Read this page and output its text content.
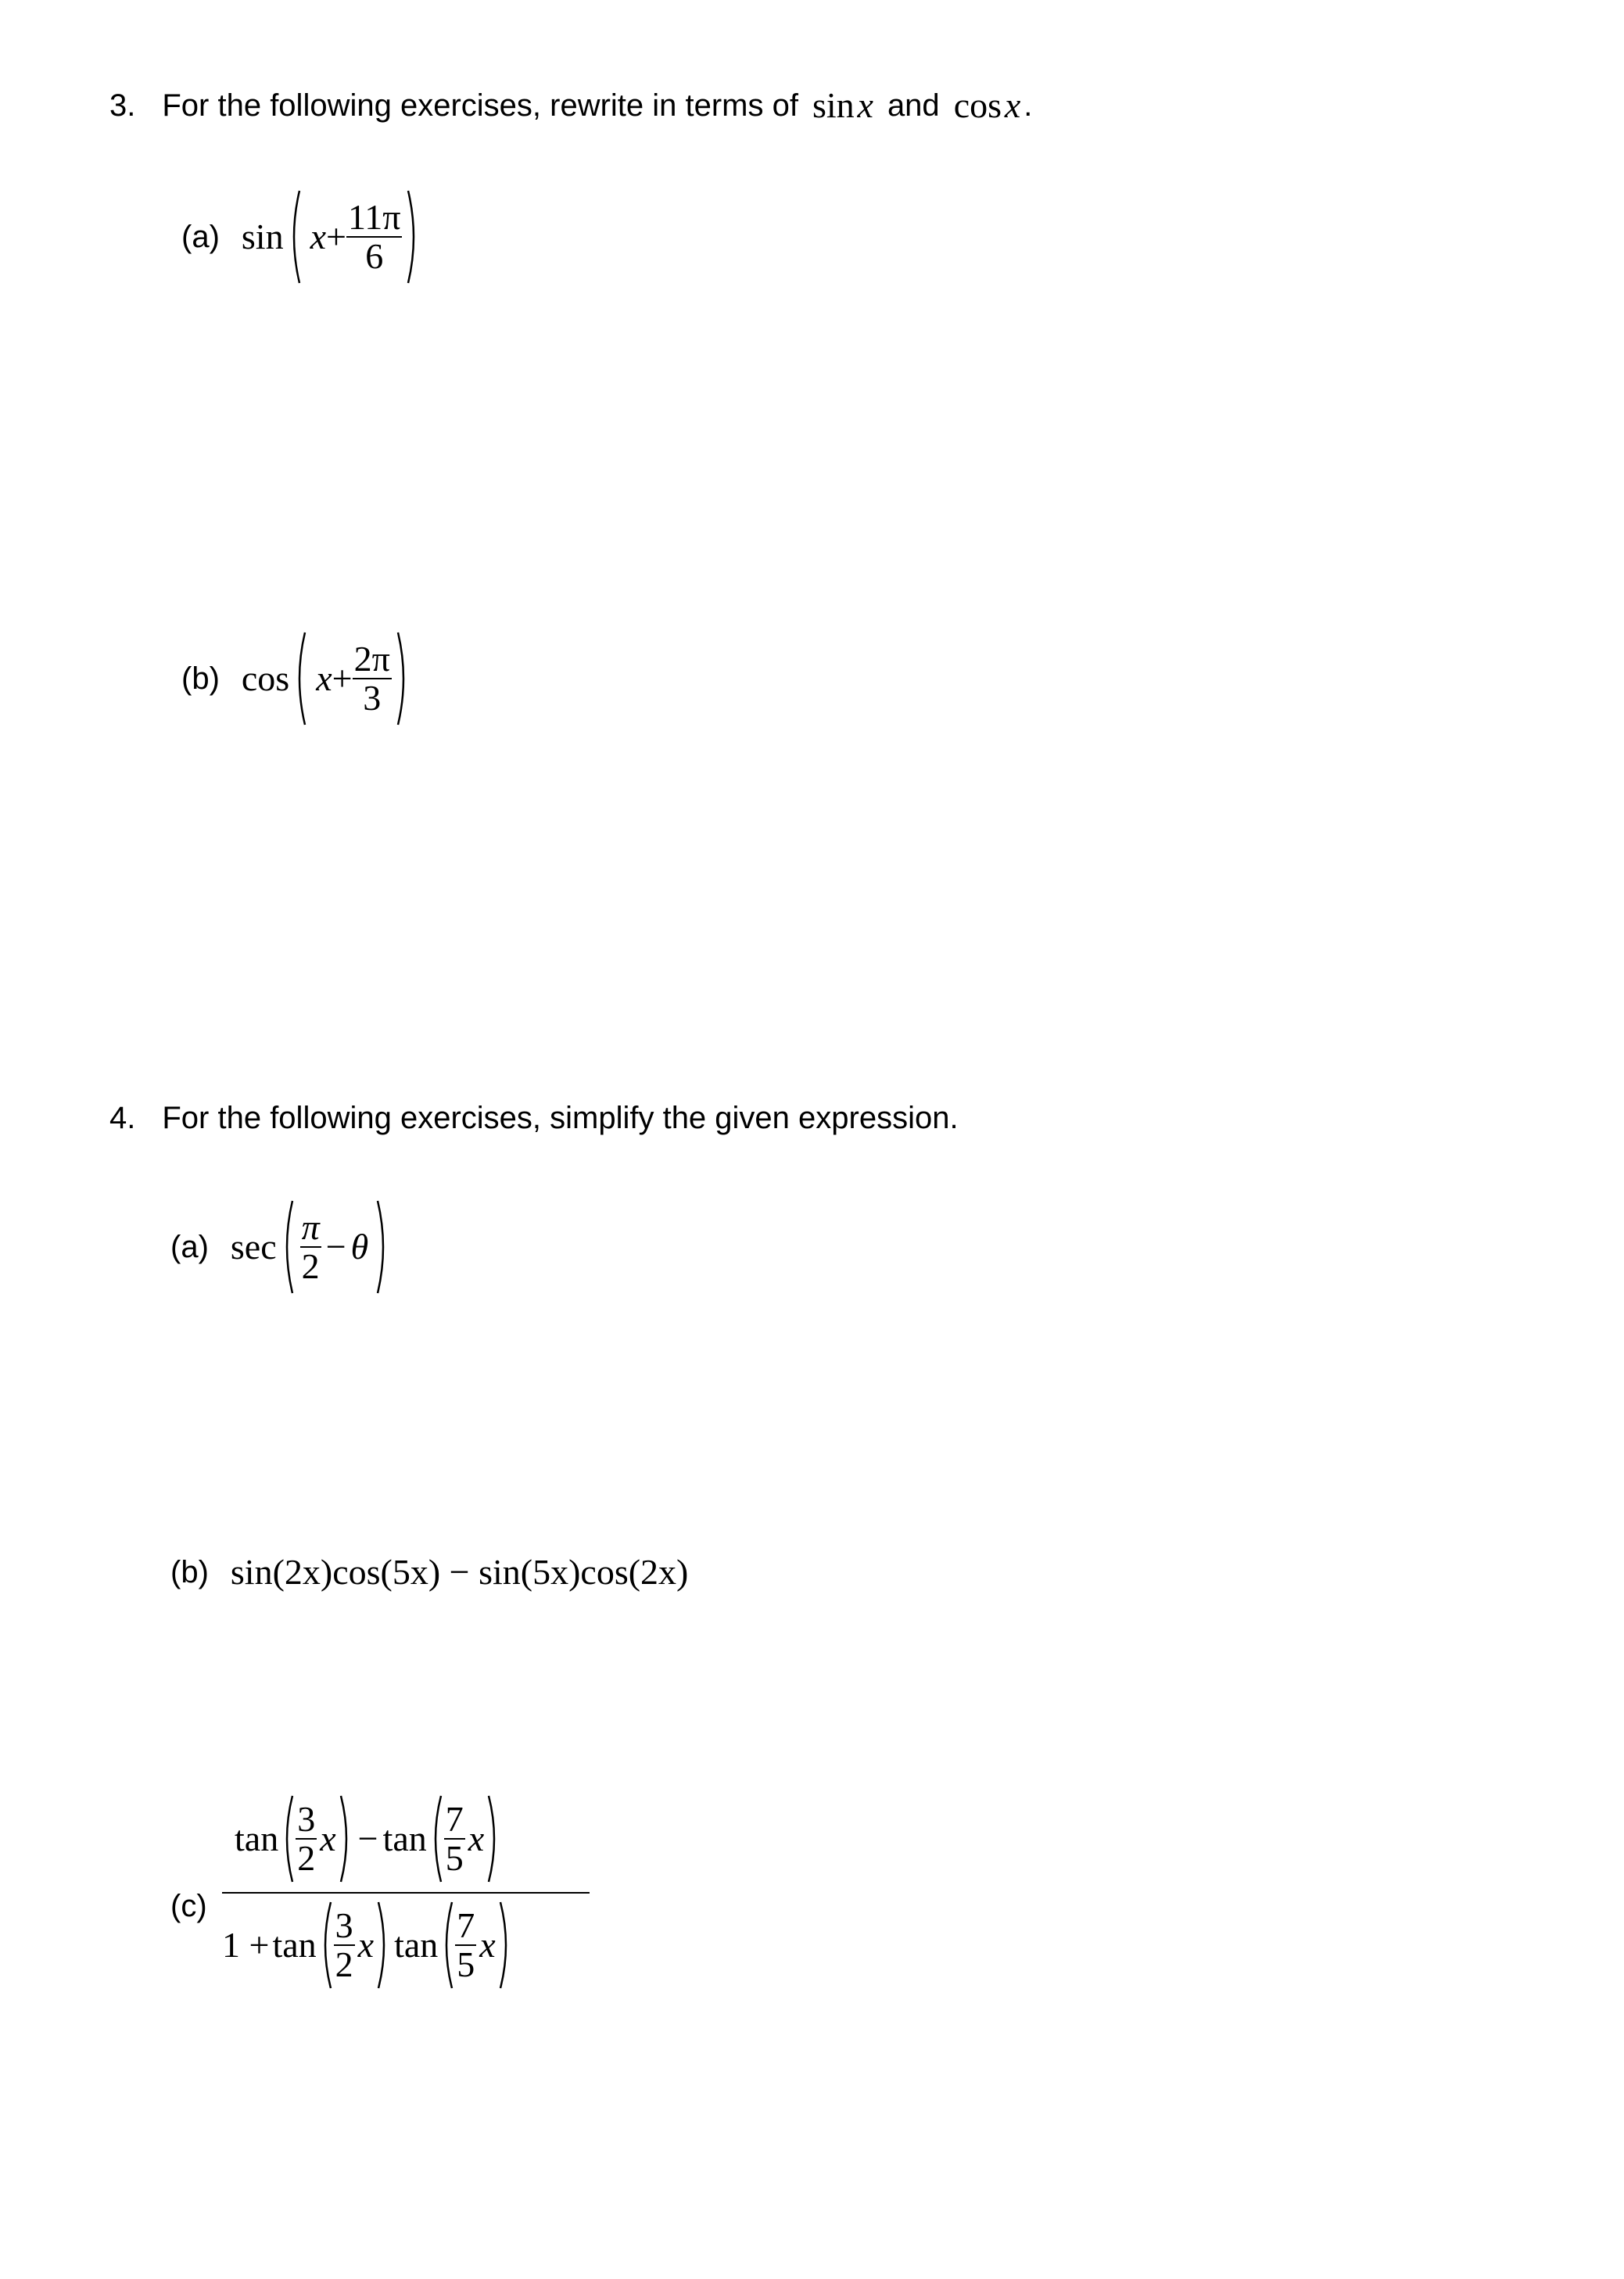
3. For the following exercises, rewrite in terms of sin x and cos x .
(a) $\sin x + \frac{11\pi}{6}$
(b) $\cos x + \frac{2\pi}{3}$
4. For the following exercises, simplify the given expression.
(a) $\sec \frac{\pi}{2} - \theta$
(b) sin(2x)cos(5x) − sin(5x)cos(2x)
(c)
$\tan \frac{3}{2}$ $x - \tan \frac{7}{5}$ x
$1 + \tan \frac{3}{2}$ x $\tan \frac{7}{5}$ x
